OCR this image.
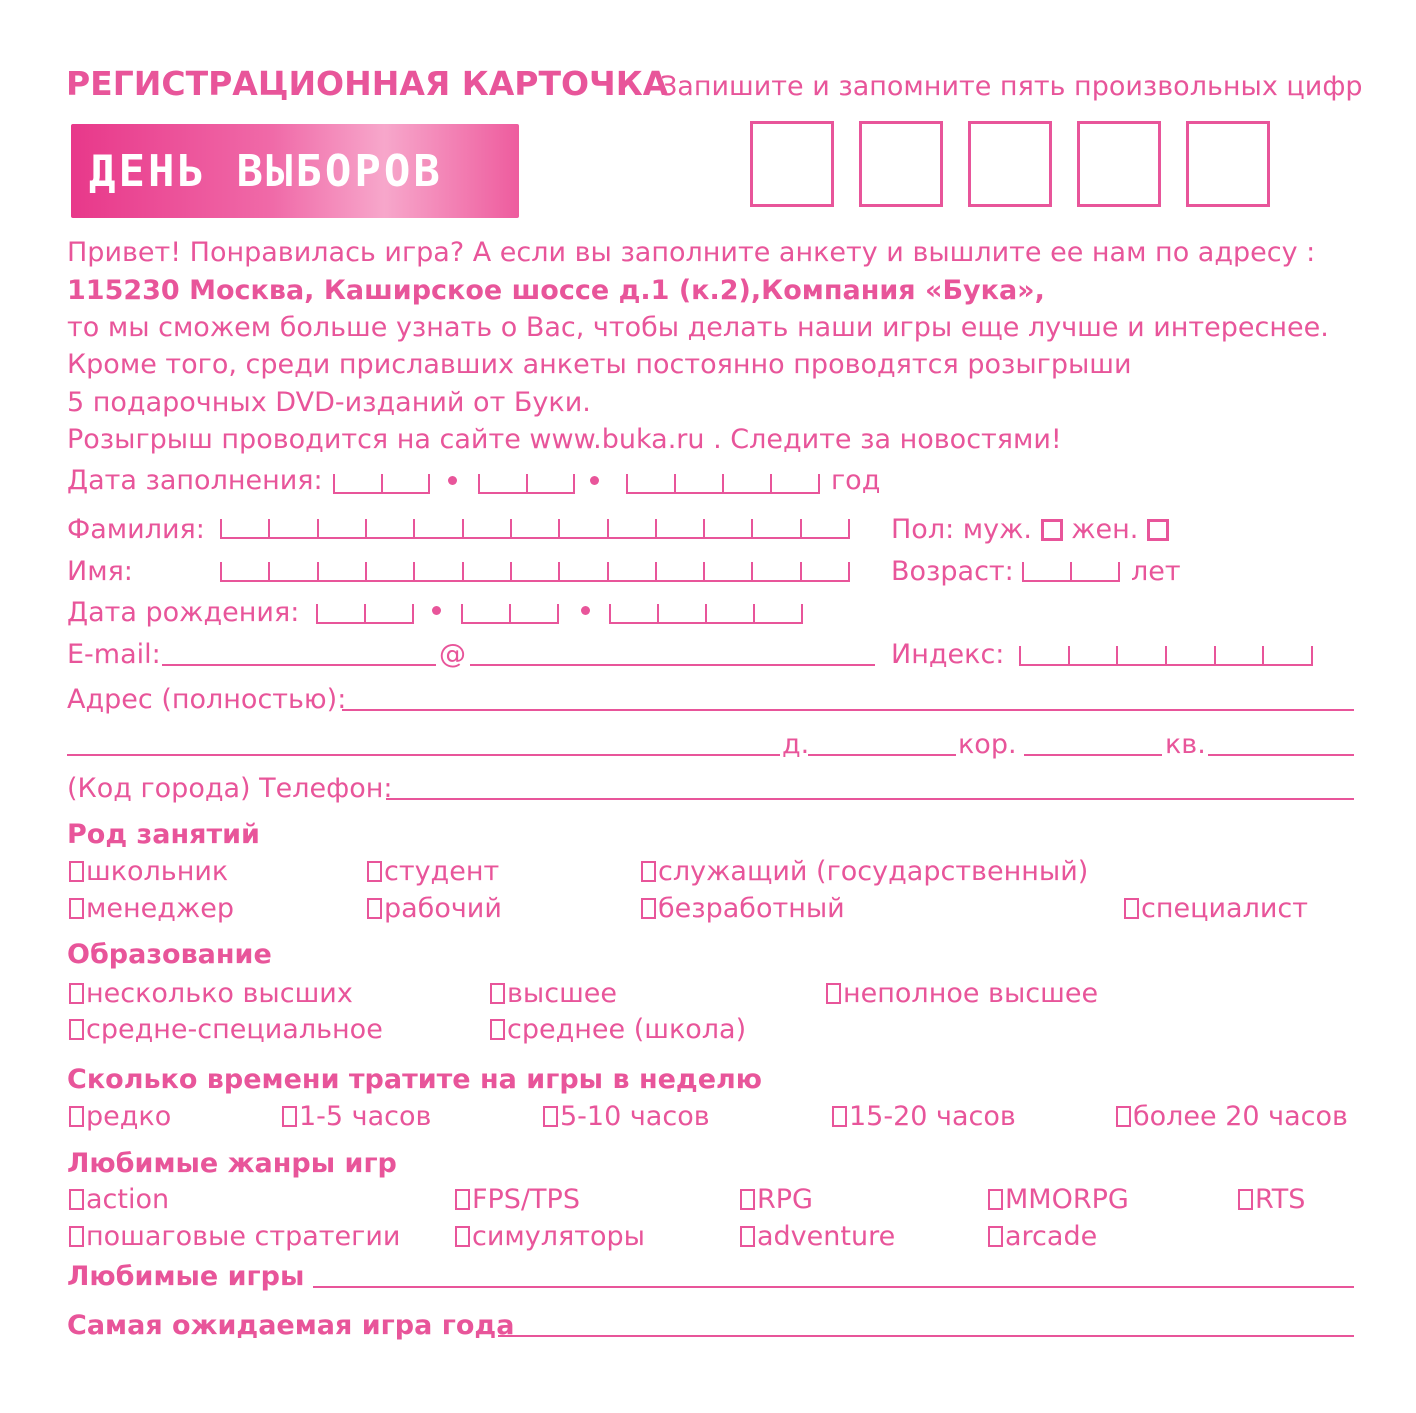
РЕГИСТРАЦИОННАЯ КАРТОЧКА
Запишите и запомните пять произвольных цифр
ДЕНЬ ВЫБОРОВ
Привет! Понравилась игра? А если вы заполните анкету и вышлите ее нам по адресу :
115230 Москва, Каширское шоссе д.1 (к.2),Компания «Бука»,
то мы сможем больше узнать о Вас, чтобы делать наши игры еще лучше и интереснее.
Кроме того, среди приславших анкеты постоянно проводятся розыгрыши
5 подарочных DVD-изданий от Буки.
Розыгрыш проводится на сайте www.buka.ru . Следите за новостями!
Дата заполнения:	год
Фамилия:	Пол: муж. жен.
Имя:	Возраст:	лет
Дата рождения:
E-mail:	@	Индекс:
Адрес (полностью):
д.	кор.	кв.
(Код города) Телефон:
Род занятий
школьник	студент	служащий (государственный)
менеджер	рабочий	безработный	специалист
Образование
несколько высших	высшее	неполное высшее
средне-специальное	среднее (школа)
Сколько времени тратите на игры в неделю
редко	1-5 часов	5-10 часов	15-20 часов	более 20 часов
Любимые жанры игр
action	FPS/TPS	RPG	MMORPG	RTS
пошаговые стратегии	симуляторы	adventure	arcade
Любимые игры
Самая ожидаемая игра года
